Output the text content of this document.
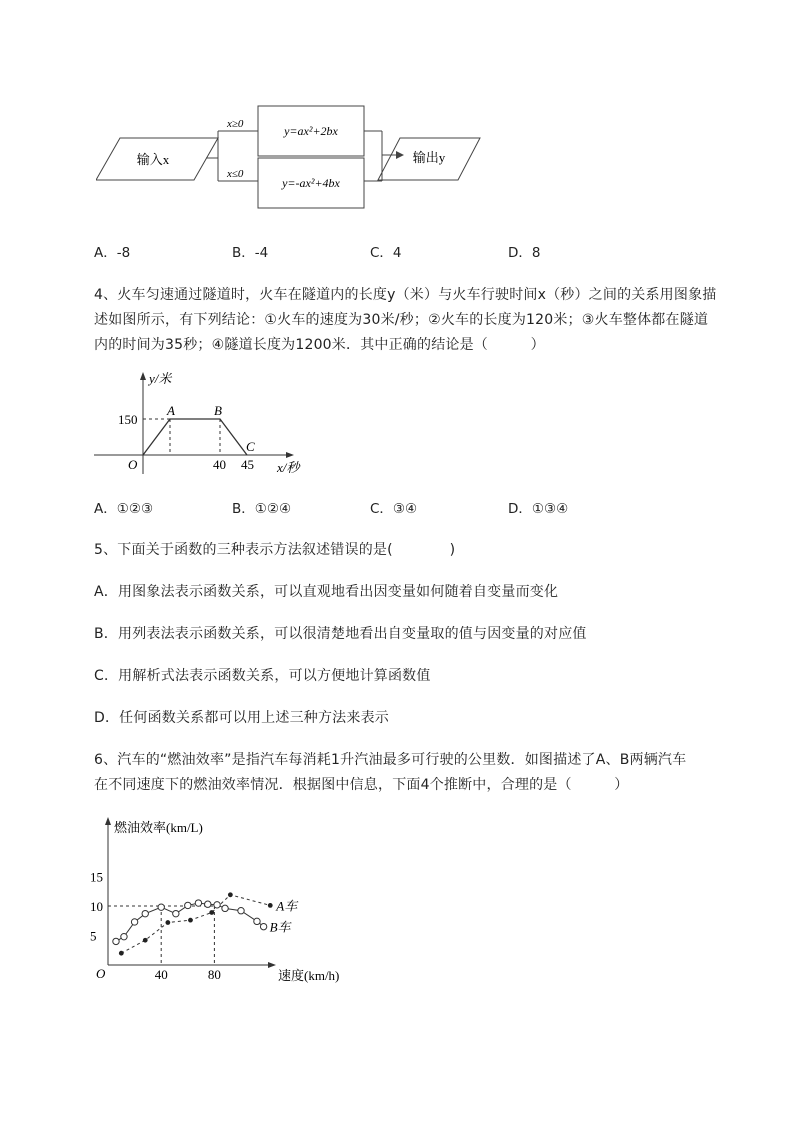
输入x
x≥0
x≤0
y=ax²+2bx
y=-ax²+4bx
输出y
A．-8	B．-4	C．4	D．8
4、火车匀速通过隧道时，火车在隧道内的长度y（米）与火车行驶时间x（秒）之间的关系用图象描
述如图所示，有下列结论：①火车的速度为30米/秒；②火车的长度为120米；③火车整体都在隧道
内的时间为35秒；④隧道长度为1200米．其中正确的结论是（　　　）
y/米
x/秒
O
150
40 45
A	B
C
A．①②③	B．①②④	C．③④	D．①③④
5、下面关于函数的三种表示方法叙述错误的是(　　　　)
A．用图象法表示函数关系，可以直观地看出因变量如何随着自变量而变化
B．用列表法表示函数关系，可以很清楚地看出自变量取的值与因变量的对应值
C．用解析式法表示函数关系，可以方便地计算函数值
D．任何函数关系都可以用上述三种方法来表示
6、汽车的“燃油效率”是指汽车每消耗1升汽油最多可行驶的公里数．如图描述了A、B两辆汽车
在不同速度下的燃油效率情况．根据图中信息，下面4个推断中，合理的是（　　　）
燃油效率(km/L)
速度(km/h)
O
5
10
15
40	80
A车
B车
